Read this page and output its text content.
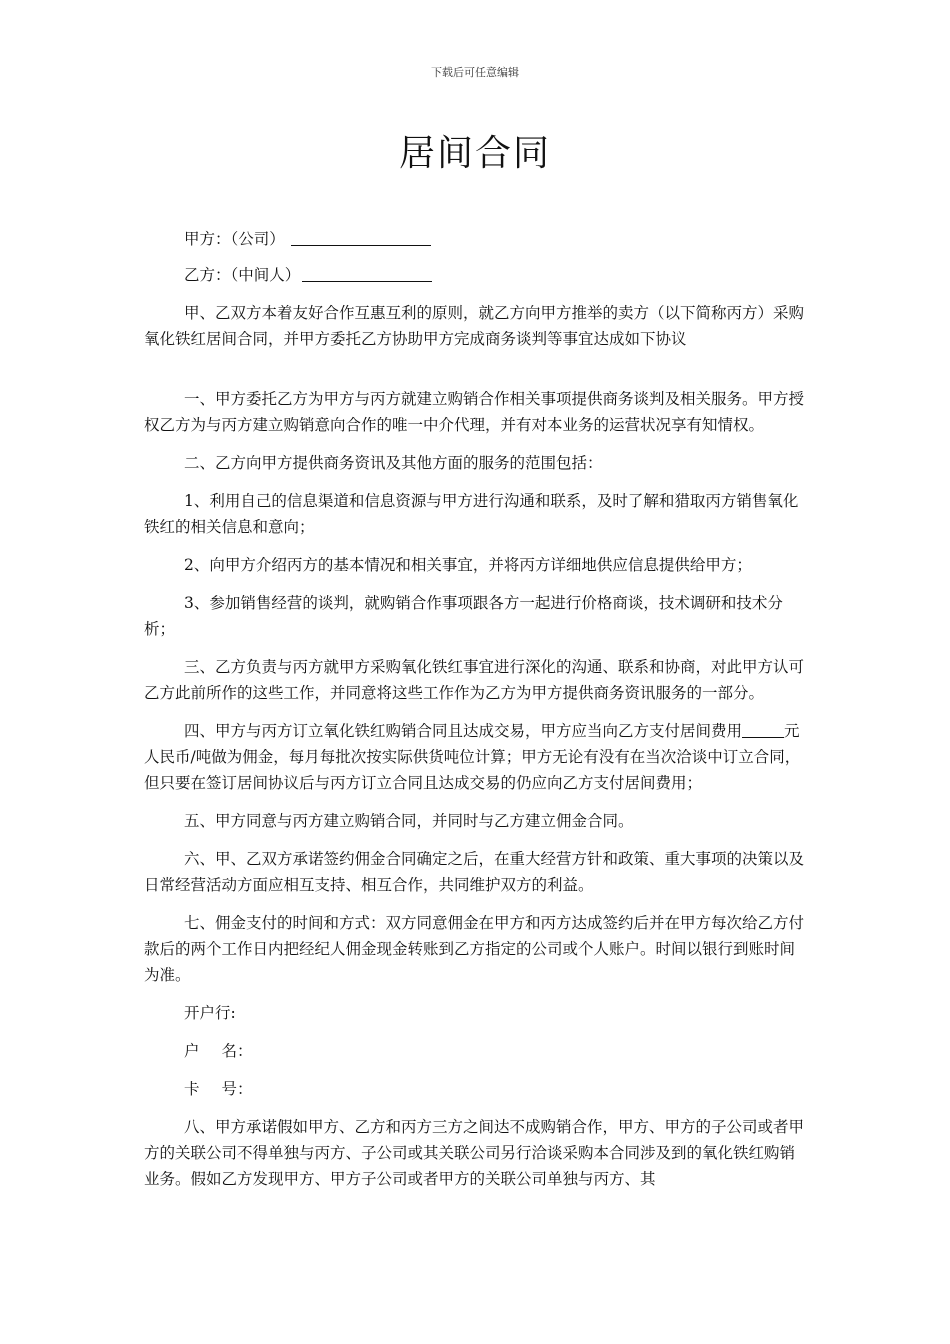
下载后可任意编辑
居间合同

甲方：（公司）

乙方：（中间人）

甲、乙双方本着友好合作互惠互利的原则，就乙方向甲方推举的卖方（以下简称丙方）采购氧化铁红居间合同，并甲方委托乙方协助甲方完成商务谈判等事宜达成如下协议

一、甲方委托乙方为甲方与丙方就建立购销合作相关事项提供商务谈判及相关服务。甲方授权乙方为与丙方建立购销意向合作的唯一中介代理，并有对本业务的运营状况享有知情权。

二、乙方向甲方提供商务资讯及其他方面的服务的范围包括：

1、利用自己的信息渠道和信息资源与甲方进行沟通和联系，及时了解和猎取丙方销售氧化铁红的相关信息和意向；

2、向甲方介绍丙方的基本情况和相关事宜，并将丙方详细地供应信息提供给甲方；

3、参加销售经营的谈判，就购销合作事项跟各方一起进行价格商谈，技术调研和技术分析；

三、乙方负责与丙方就甲方采购氧化铁红事宜进行深化的沟通、联系和协商，对此甲方认可乙方此前所作的这些工作，并同意将这些工作作为乙方为甲方提供商务资讯服务的一部分。

四、甲方与丙方订立氧化铁红购销合同且达成交易，甲方应当向乙方支付居间费用	元人民币/吨做为佣金，每月每批次按实际供货吨位计算；甲方无论有没有在当次洽谈中订立合同，但只要在签订居间协议后与丙方订立合同且达成交易的仍应向乙方支付居间费用；

五、甲方同意与丙方建立购销合同，并同时与乙方建立佣金合同。

六、甲、乙双方承诺签约佣金合同确定之后，在重大经营方针和政策、重大事项的决策以及日常经营活动方面应相互支持、相互合作，共同维护双方的利益。

七、佣金支付的时间和方式：双方同意佣金在甲方和丙方达成签约后并在甲方每次给乙方付款后的两个工作日内把经纪人佣金现金转账到乙方指定的公司或个人账户。时间以银行到账时间为准。

开户行:

户名：

卡号：

八、甲方承诺假如甲方、乙方和丙方三方之间达不成购销合作，甲方、甲方的子公司或者甲方的关联公司不得单独与丙方、子公司或其关联公司另行洽谈采购本合同涉及到的氧化铁红购销业务。假如乙方发现甲方、甲方子公司或者甲方的关联公司单独与丙方、其
